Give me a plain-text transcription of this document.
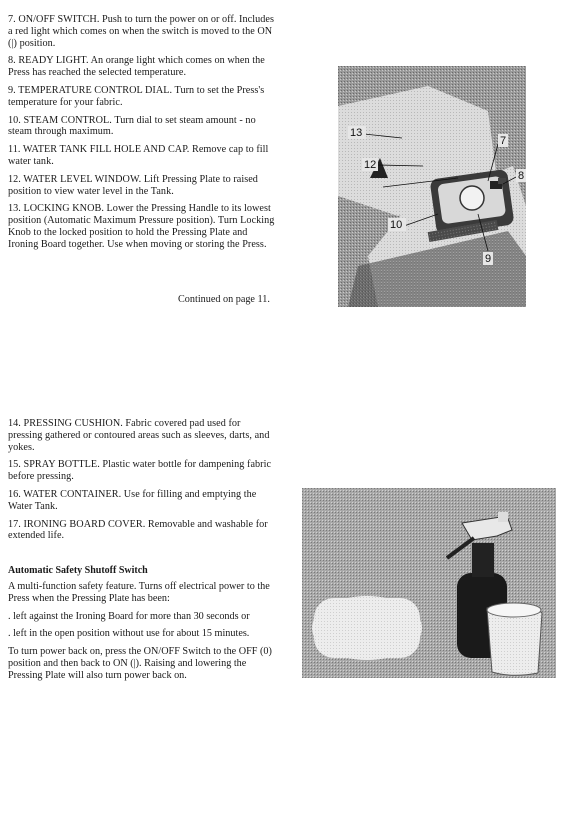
7. ON/OFF SWITCH. Push to turn the power on or off. Includes a red light which comes on when the switch is moved to the ON (|) position.

8. READY LIGHT. An orange light which comes on when the Press has reached the selected temperature.

9. TEMPERATURE CONTROL DIAL. Turn to set the Press's temperature for your fabric.

10. STEAM CONTROL. Turn dial to set steam amount - no steam through maximum.

11. WATER TANK FILL HOLE AND CAP. Remove cap to fill water tank.

12. WATER LEVEL WINDOW. Lift Pressing Plate to raised position to view water level in the Tank.

13. LOCKING KNOB. Lower the Pressing Handle to its lowest position (Automatic Maximum Pressure position). Turn Locking Knob to the locked position to hold the Pressing Plate and Ironing Board together. Use when moving or storing the Press.

Continued on page 11.
13
12
7
8
10
9

14. PRESSING CUSHION. Fabric covered pad used for pressing gathered or contoured areas such as sleeves, darts, and yokes.

15. SPRAY BOTTLE. Plastic water bottle for dampening fabric before pressing.

16. WATER CONTAINER. Use for filling and emptying the Water Tank.

17. IRONING BOARD COVER. Removable and washable for extended life.

Automatic Safety Shutoff Switch

A multi-function safety feature. Turns off electrical power to the Press when the Pressing Plate has been:

. left against the Ironing Board for more than 30 seconds or

. left in the open position without use for about 15 minutes.

To turn power back on, press the ON/OFF Switch to the OFF (0) position and then back to ON (|). Raising and lowering the Pressing Plate will also turn power back on.
